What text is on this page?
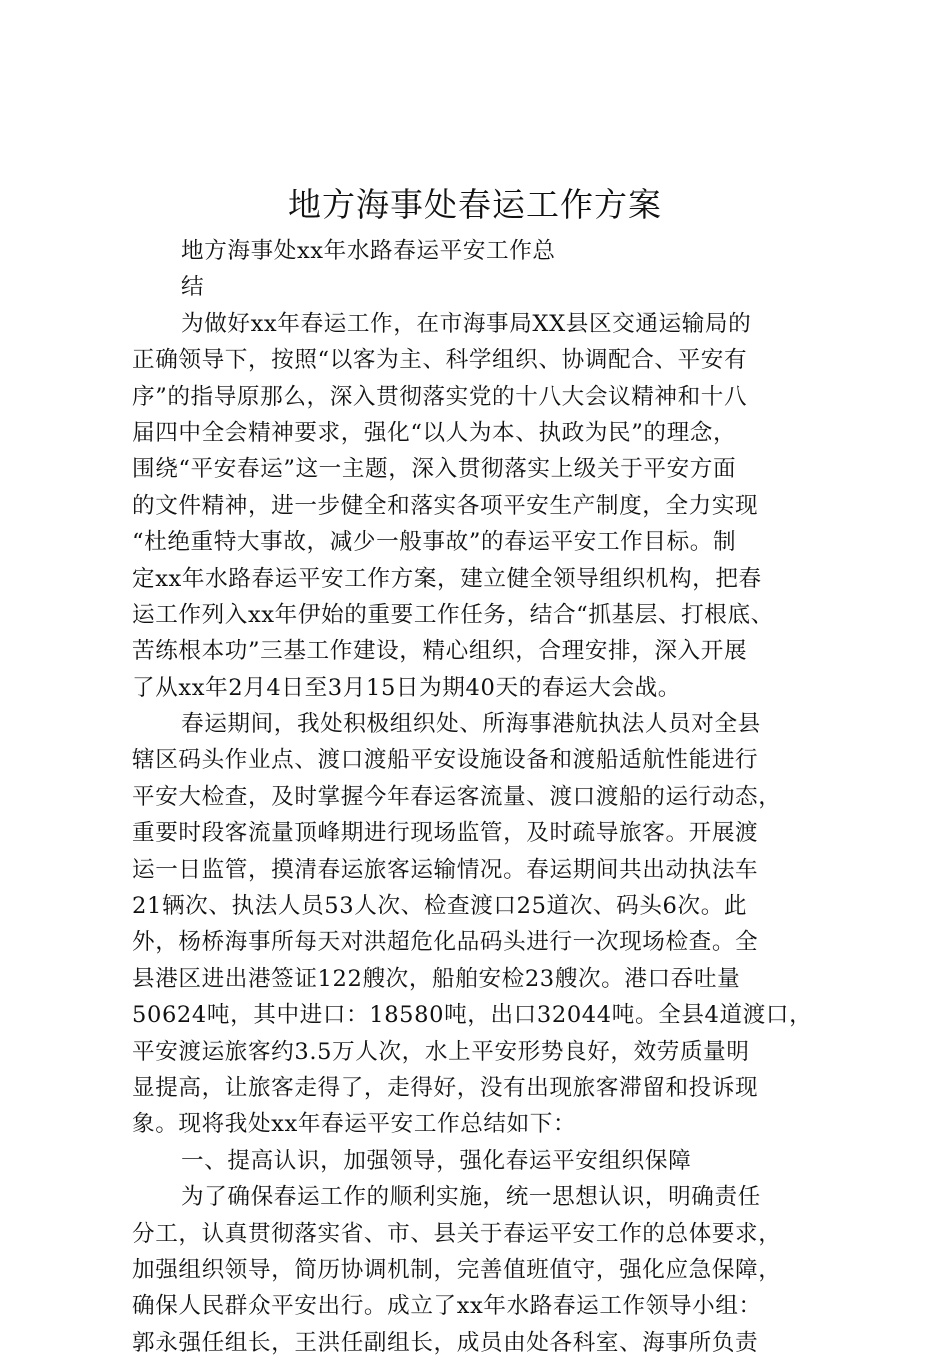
地方海事处春运工作方案
地方海事处xx年水路春运平安工作总
结
为做好xx年春运工作，在市海事局XX县区交通运输局的
正确领导下，按照“以客为主、科学组织、协调配合、平安有
序”的指导原那么，深入贯彻落实党的十八大会议精神和十八
届四中全会精神要求，强化“以人为本、执政为民”的理念，
围绕“平安春运”这一主题，深入贯彻落实上级关于平安方面
的文件精神，进一步健全和落实各项平安生产制度，全力实现
“杜绝重特大事故，减少一般事故”的春运平安工作目标。制
定xx年水路春运平安工作方案，建立健全领导组织机构，把春
运工作列入xx年伊始的重要工作任务，结合“抓基层、打根底、
苦练根本功”三基工作建设，精心组织，合理安排，深入开展
了从xx年2月4日至3月15日为期40天的春运大会战。
春运期间，我处积极组织处、所海事港航执法人员对全县
辖区码头作业点、渡口渡船平安设施设备和渡船适航性能进行
平安大检查，及时掌握今年春运客流量、渡口渡船的运行动态，
重要时段客流量顶峰期进行现场监管，及时疏导旅客。开展渡
运一日监管，摸清春运旅客运输情况。春运期间共出动执法车
21辆次、执法人员53人次、检查渡口25道次、码头6次。此
外，杨桥海事所每天对洪超危化品码头进行一次现场检查。全
县港区进出港签证122艘次，船舶安检23艘次。港口吞吐量
50624吨，其中进口：18580吨，出口32044吨。全县4道渡口，
平安渡运旅客约3.5万人次，水上平安形势良好，效劳质量明
显提高，让旅客走得了，走得好，没有出现旅客滞留和投诉现
象。现将我处xx年春运平安工作总结如下：
一、提高认识，加强领导，强化春运平安组织保障
为了确保春运工作的顺利实施，统一思想认识，明确责任
分工，认真贯彻落实省、市、县关于春运平安工作的总体要求，
加强组织领导，简历协调机制，完善值班值守，强化应急保障，
确保人民群众平安出行。成立了xx年水路春运工作领导小组：
郭永强任组长，王洪任副组长，成员由处各科室、海事所负责
